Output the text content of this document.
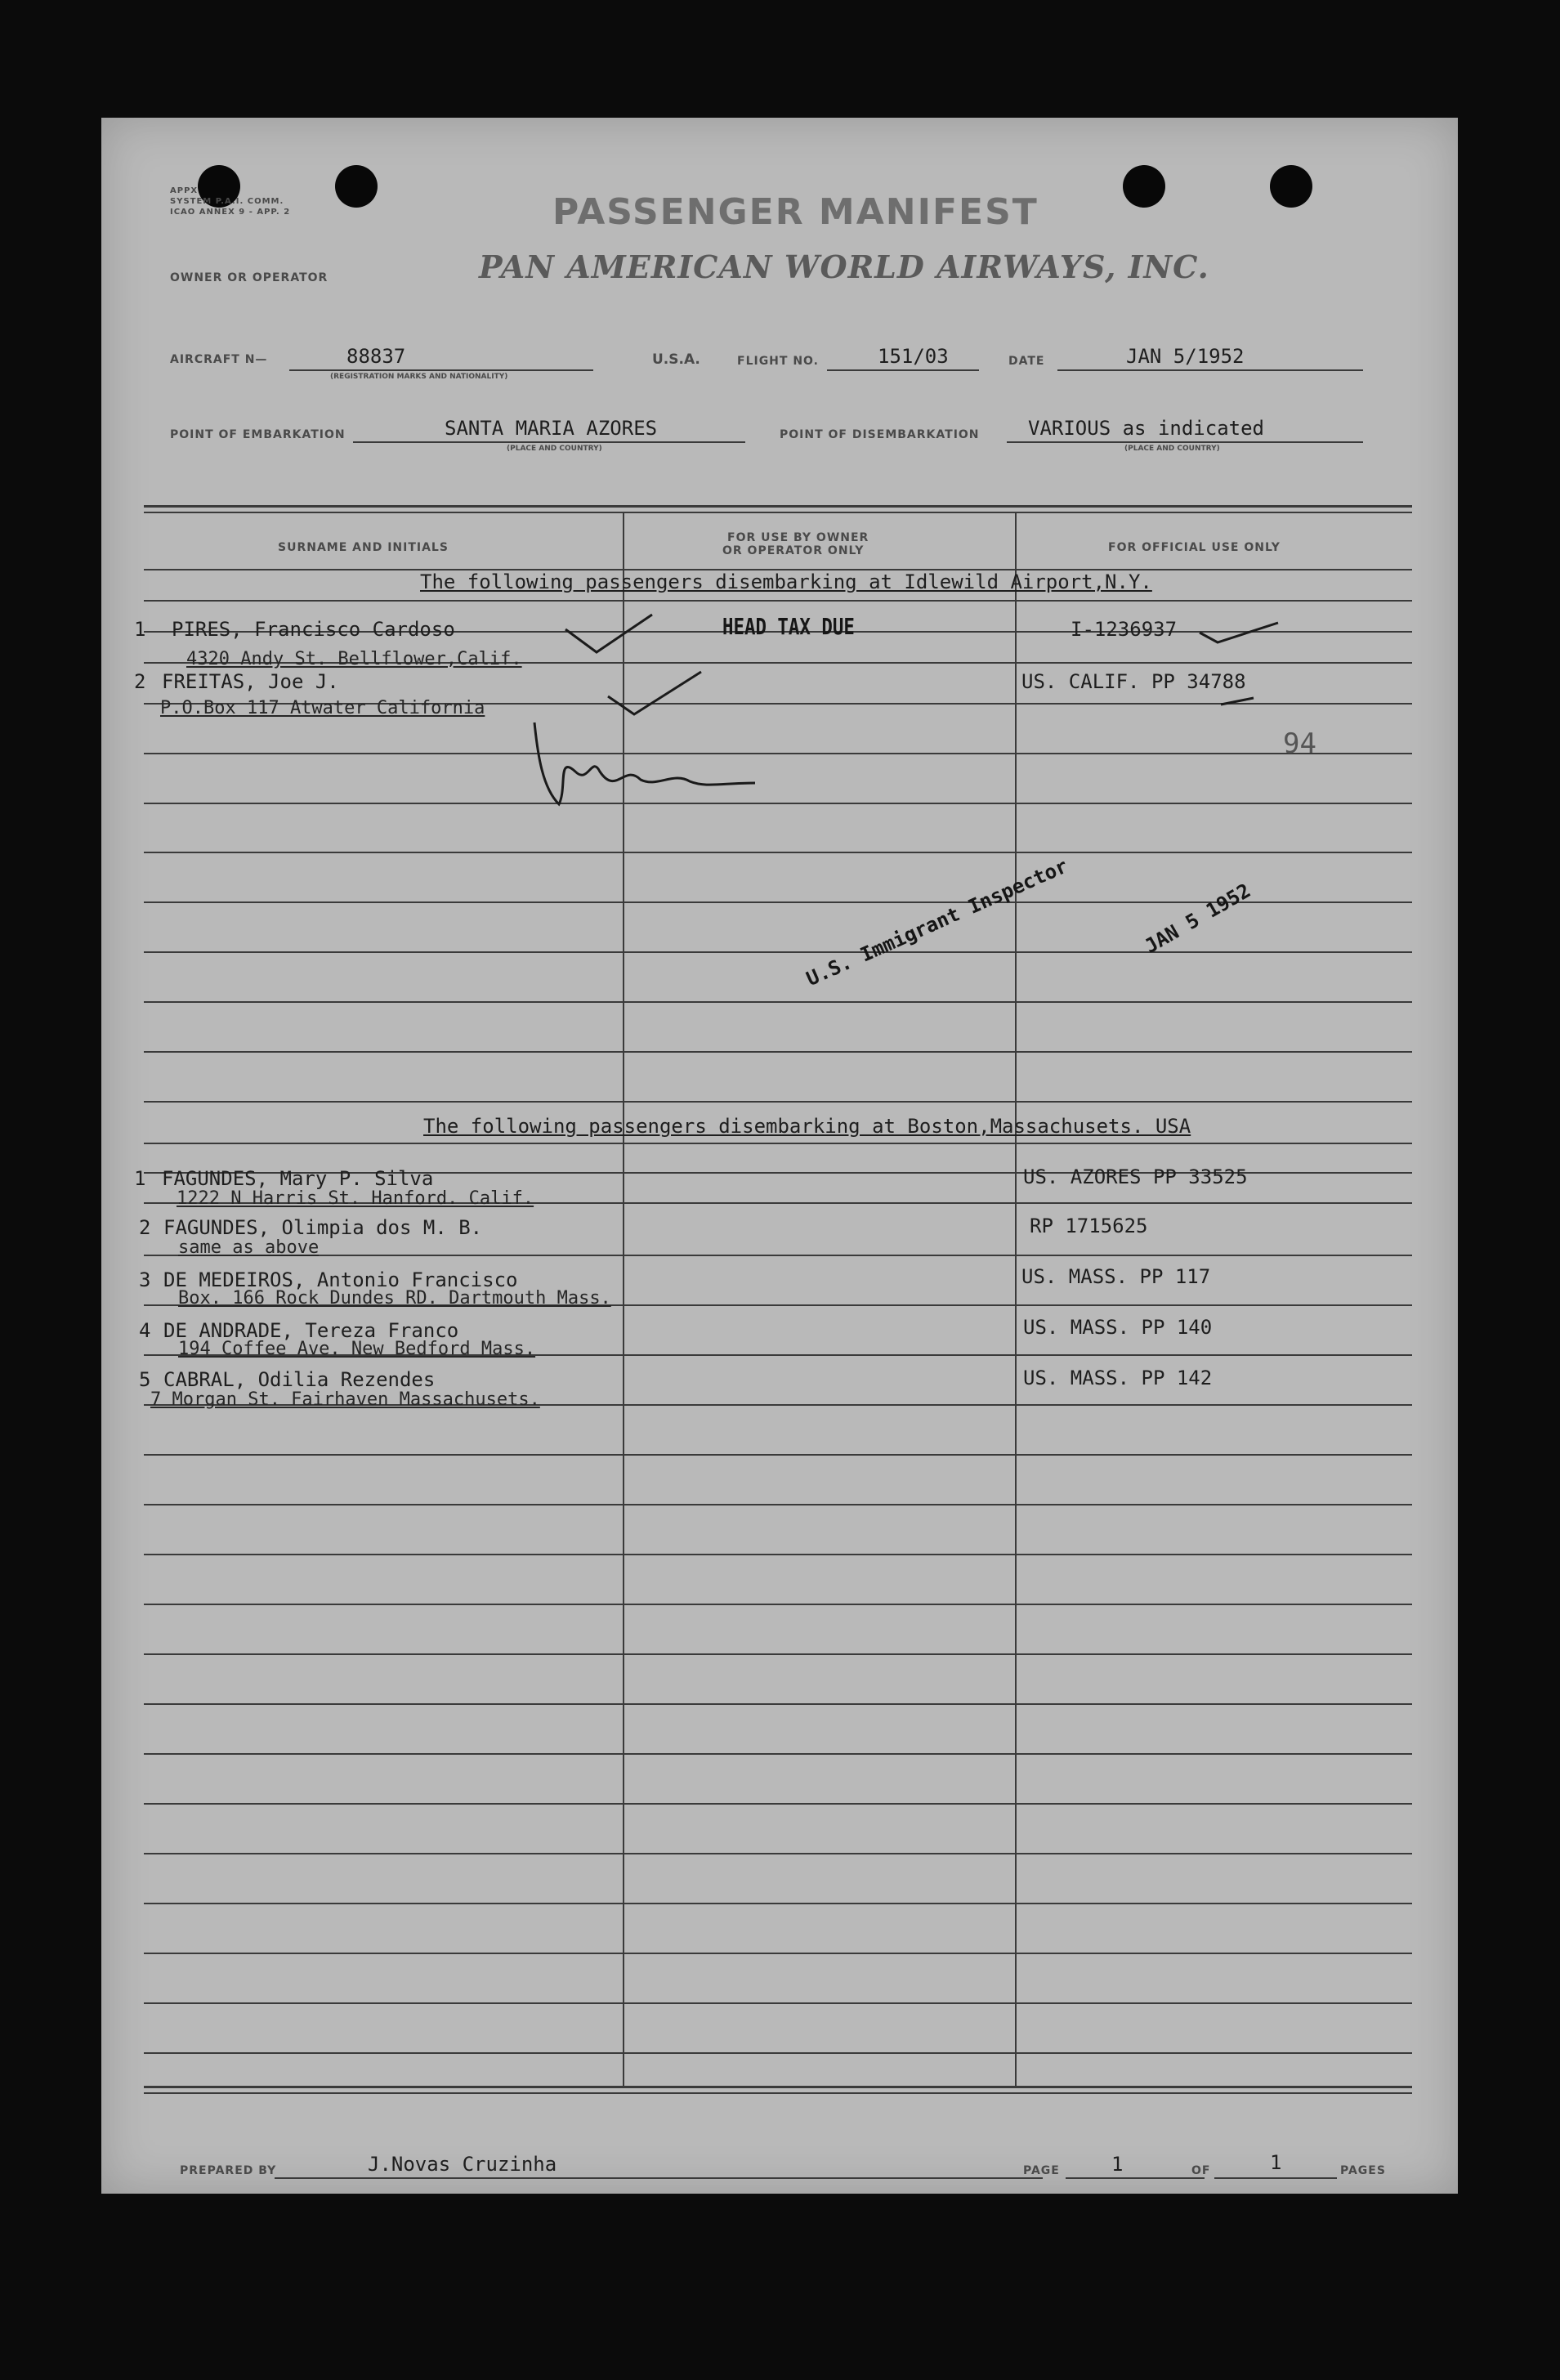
APPX
SYSTEM P.A.I. COMM.
ICAO ANNEX 9 - APP. 2	PASSENGER MANIFEST
OWNER OR OPERATOR	PAN AMERICAN WORLD AIRWAYS, INC.
AIRCRAFT N—	88837
(REGISTRATION MARKS AND NATIONALITY)
U.S.A.	FLIGHT NO.	151/03	DATE	JAN 5/1952
POINT OF EMBARKATION	SANTA MARIA AZORES
(PLACE AND COUNTRY)
POINT OF DISEMBARKATION VARIOUS as indicated
(PLACE AND COUNTRY)
SURNAME AND INITIALS
FOR USE BY OWNER
OR OPERATOR ONLY	FOR OFFICIAL USE ONLY
The following passengers disembarking at Idlewild Airport,N.Y.
1 PIRES, Francisco Cardoso
4320 Andy St. Bellflower,Calif.
I-1236937
2 FREITAS, Joe J.
P.O.Box 117 Atwater California
US. CALIF. PP 34788
HEAD TAX DUE
94
U.S. Immigrant Inspector	JAN 5 1952
The following passengers disembarking at Boston,Massachusets. USA
1 FAGUNDES, Mary P. Silva
1222 N Harris St. Hanford. Calif.
US. AZORES PP 33525
2 FAGUNDES, Olimpia dos M. B.
same as above
RP 1715625
3 DE MEDEIROS, Antonio Francisco
Box. 166 Rock Dundes RD. Dartmouth Mass.
US. MASS. PP 117
4 DE ANDRADE, Tereza Franco
194 Coffee Ave. New Bedford Mass.
US. MASS. PP 140
5 CABRAL, Odilia Rezendes
7 Morgan St. Fairhaven Massachusets.
US. MASS. PP 142
PREPARED BY	J.Novas Cruzinha	PAGE	1	OF	1	PAGES
